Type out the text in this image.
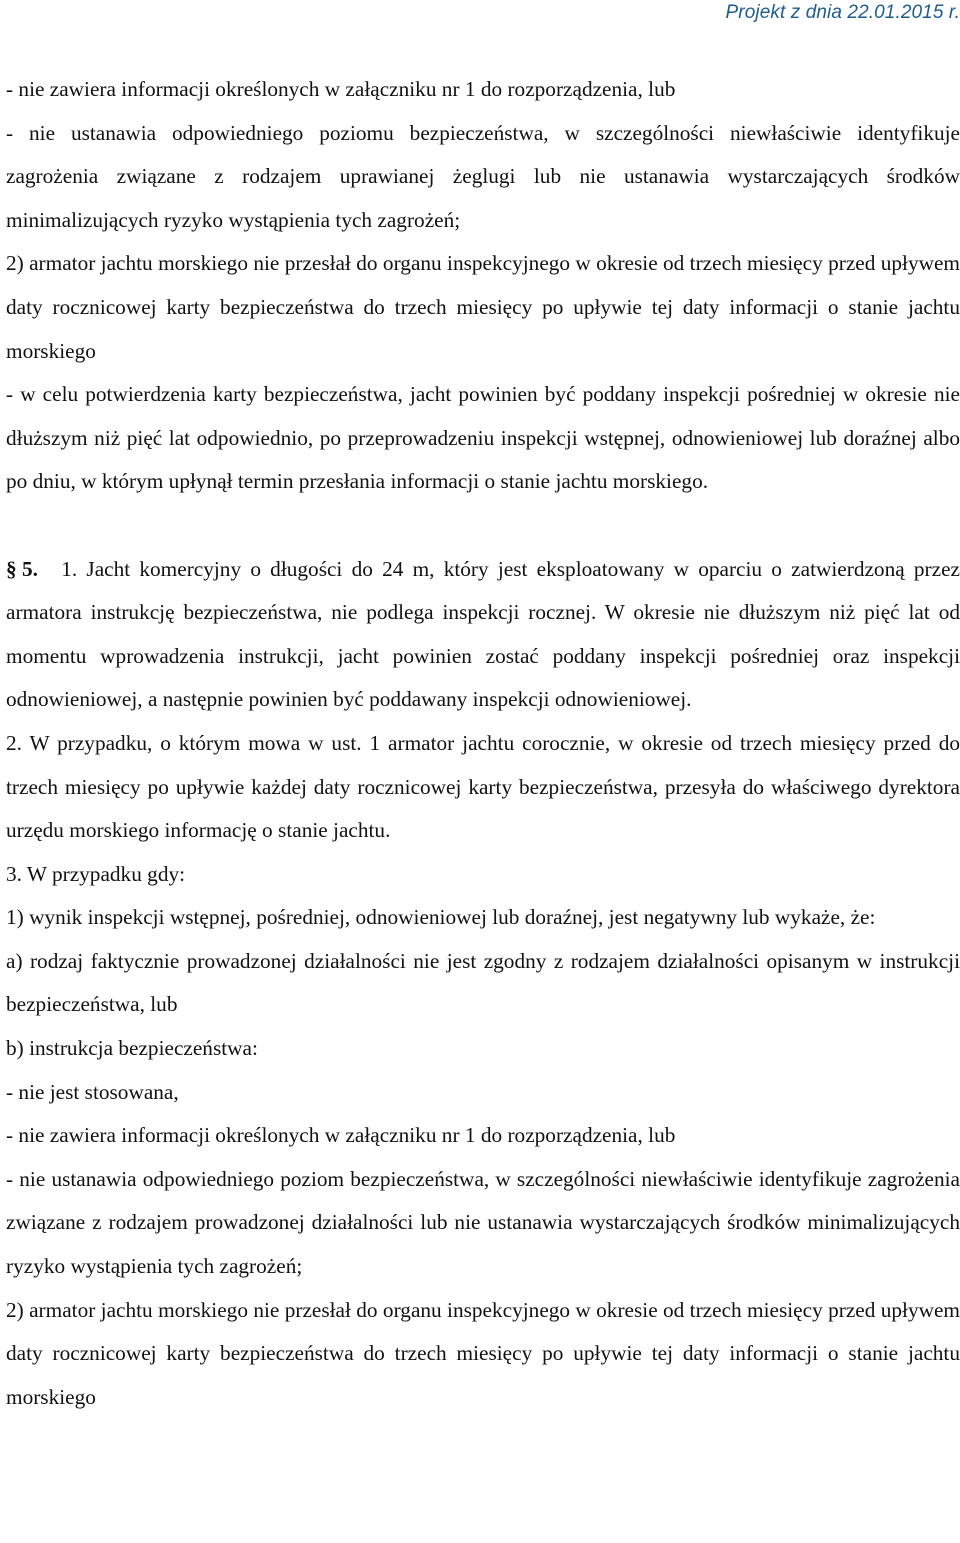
Projekt z dnia 22.01.2015 r.

- nie zawiera informacji określonych w załączniku nr 1 do rozporządzenia, lub

- nie ustanawia odpowiedniego poziomu bezpieczeństwa, w szczególności niewłaściwie identyfikuje zagrożenia związane z rodzajem uprawianej żeglugi lub nie ustanawia wystarczających środków minimalizujących ryzyko wystąpienia tych zagrożeń;

2) armator jachtu morskiego nie przesłał do organu inspekcyjnego w okresie od trzech miesięcy przed upływem daty rocznicowej karty bezpieczeństwa do trzech miesięcy po upływie tej daty informacji o stanie jachtu morskiego

- w celu potwierdzenia karty bezpieczeństwa, jacht powinien być poddany inspekcji pośredniej w okresie nie dłuższym niż pięć lat odpowiednio, po przeprowadzeniu inspekcji wstępnej, odnowieniowej lub doraźnej albo po dniu, w którym upłynął termin przesłania informacji o stanie jachtu morskiego.

§ 5. 1. Jacht komercyjny o długości do 24 m, który jest eksploatowany w oparciu o zatwierdzoną przez armatora instrukcję bezpieczeństwa, nie podlega inspekcji rocznej. W okresie nie dłuższym niż pięć lat od momentu wprowadzenia instrukcji, jacht powinien zostać poddany inspekcji pośredniej oraz inspekcji odnowieniowej, a następnie powinien być poddawany inspekcji odnowieniowej.

2. W przypadku, o którym mowa w ust. 1 armator jachtu corocznie, w okresie od trzech miesięcy przed do trzech miesięcy po upływie każdej daty rocznicowej karty bezpieczeństwa, przesyła do właściwego dyrektora urzędu morskiego informację o stanie jachtu.

3. W przypadku gdy:

1) wynik inspekcji wstępnej, pośredniej, odnowieniowej lub doraźnej, jest negatywny lub wykaże, że:

a) rodzaj faktycznie prowadzonej działalności nie jest zgodny z rodzajem działalności opisanym w instrukcji bezpieczeństwa, lub

b) instrukcja bezpieczeństwa:

- nie jest stosowana,

- nie zawiera informacji określonych w załączniku nr 1 do rozporządzenia, lub

- nie ustanawia odpowiedniego poziom bezpieczeństwa, w szczególności niewłaściwie identyfikuje zagrożenia związane z rodzajem prowadzonej działalności lub nie ustanawia wystarczających środków minimalizujących ryzyko wystąpienia tych zagrożeń;

2) armator jachtu morskiego nie przesłał do organu inspekcyjnego w okresie od trzech miesięcy przed upływem daty rocznicowej karty bezpieczeństwa do trzech miesięcy po upływie tej daty informacji o stanie jachtu morskiego
